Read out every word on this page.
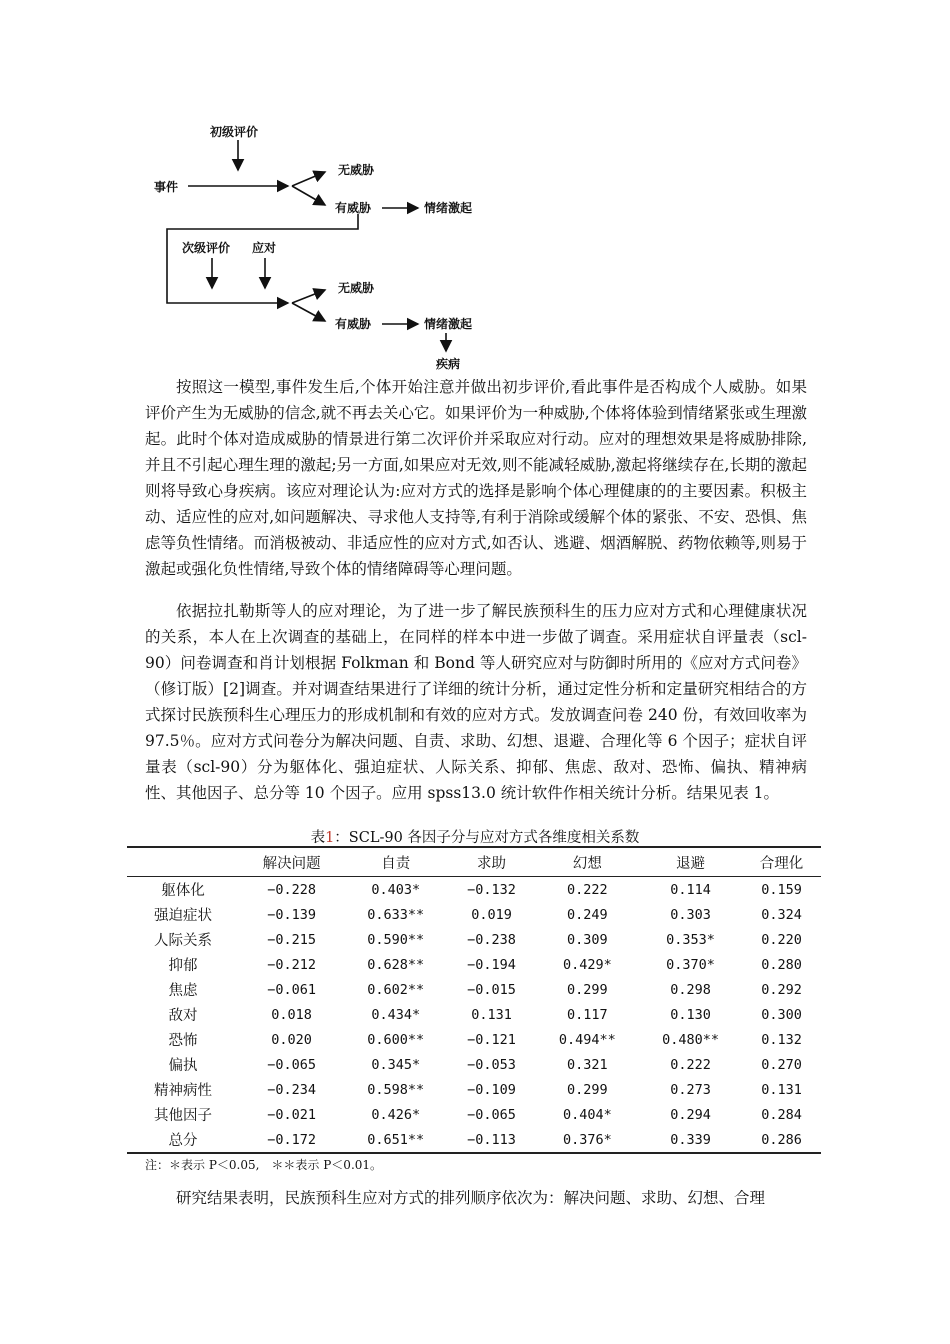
初级评价
事件
无威胁
有威胁	情绪激起
次级评价 应对
无威胁
有威胁	情绪激起
疾病

按照这一模型,事件发生后,个体开始注意并做出初步评价,看此事件是否构成个人威胁。如果评价产生为无威胁的信念,就不再去关心它。如果评价为一种威胁,个体将体验到情绪紧张或生理激起。此时个体对造成威胁的情景进行第二次评价并采取应对行动。应对的理想效果是将威胁排除,并且不引起心理生理的激起;另一方面,如果应对无效,则不能减轻威胁,激起将继续存在,长期的激起则将导致心身疾病。该应对理论认为:应对方式的选择是影响个体心理健康的的主要因素。积极主动、适应性的应对,如问题解决、寻求他人支持等,有利于消除或缓解个体的紧张、不安、恐惧、焦虑等负性情绪。而消极被动、非适应性的应对方式,如否认、逃避、烟酒解脱、药物依赖等,则易于激起或强化负性情绪,导致个体的情绪障碍等心理问题。

依据拉扎勒斯等人的应对理论，为了进一步了解民族预科生的压力应对方式和心理健康状况的关系，本人在上次调查的基础上，在同样的样本中进一步做了调查。采用症状自评量表（scl-90）问卷调查和肖计划根据 Folkman 和 Bond 等人研究应对与防御时所用的《应对方式问卷》（修订版）[2]调查。并对调查结果进行了详细的统计分析，通过定性分析和定量研究相结合的方式探讨民族预科生心理压力的形成机制和有效的应对方式。发放调查问卷 240 份，有效回收率为 97.5％。应对方式问卷分为解决问题、自责、求助、幻想、退避、合理化等 6 个因子；症状自评量表（scl-90）分为躯体化、强迫症状、人际关系、抑郁、焦虑、敌对、恐怖、偏执、精神病性、其他因子、总分等 10 个因子。应用 spss13.0 统计软件作相关统计分析。结果见表 1。

表1：SCL-90 各因子分与应对方式各维度相关系数
	解决问题	自责	求助	幻想	退避	合理化
躯体化	−0.228	0.403*	−0.132	0.222	0.114	0.159
强迫症状	−0.139	0.633**	0.019	0.249	0.303	0.324
人际关系	−0.215	0.590**	−0.238	0.309	0.353*	0.220
抑郁	−0.212	0.628**	−0.194	0.429*	0.370*	0.280
焦虑	−0.061	0.602**	−0.015	0.299	0.298	0.292
敌对	0.018	0.434*	0.131	0.117	0.130	0.300
恐怖	0.020	0.600**	−0.121	0.494**	0.480**	0.132
偏执	−0.065	0.345*	−0.053	0.321	0.222	0.270
精神病性	−0.234	0.598**	−0.109	0.299	0.273	0.131
其他因子	−0.021	0.426*	−0.065	0.404*	0.294	0.284
总分	−0.172	0.651**	−0.113	0.376*	0.339	0.286
注：＊表示 P＜0.05,　＊＊表示 P＜0.01。

研究结果表明，民族预科生应对方式的排列顺序依次为：解决问题、求助、幻想、合理
